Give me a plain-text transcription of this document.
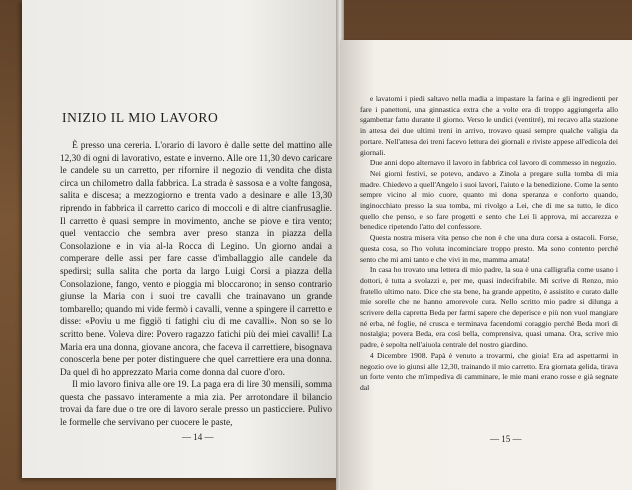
INIZIO IL MIO LAVORO

È presso una cereria. L'orario di lavoro è dalle sette del mattino alle 12,30 di ogni di lavorativo, estate e inverno. Alle ore 11,30 devo caricare le candele su un carretto, per rifornire il negozio di vendita che dista circa un chilometro dalla fabbrica. La strada è sassosa e a volte fangosa, salita e discesa; a mezzogiorno e trenta vado a desinare e alle 13,30 riprendo in fabbrica il carretto carico di moccoli e di altre cianfrusaglie. Il carretto è quasi sempre in movimento, anche se piove e tira vento; quel ventaccio che sembra aver preso stanza in piazza della Consolazione e in via al-la Rocca di Legino. Un giorno andai a comperare delle assi per fare casse d'imballaggio alle candele da spedirsi; sulla salita che porta da largo Luigi Corsi a piazza della Consolazione, fango, vento e pioggia mi bloccarono; in senso contrario giunse la Maria con i suoi tre cavalli che trainavano un grande tombarello; quando mi vide fermò i cavalli, venne a spingere il carretto e disse: «Povìu u me figgiö ti fatighi cìu di me cavalli». Non so se lo scritto bene. Voleva dire: Povero ragazzo fatichi più dei miei cavalli! La Maria era una donna, giovane ancora, che faceva il carrettiere, bisognava conoscerla bene per poter distinguere che quel carrettiere era una donna. Da quel dì ho apprezzato Maria come donna dal cuore d'oro.

Il mio lavoro finiva alle ore 19. La paga era di lire 30 mensili, somma questa che passavo interamente a mia zia. Per arrotondare il bilancio trovai da fare due o tre ore di lavoro serale presso un pasticciere. Pulivo le formelle che servivano per cuocere le paste,

— 14 —

e lavatomi i piedi saltavo nella madia a impastare la farina e gli ingredienti per fare i panettoni, una ginnastica extra che a volte era di troppo aggiungerla allo sgambettar fatto durante il giorno. Verso le undici (ventitré), mi recavo alla stazione in attesa dei due ultimi treni in arrivo, trovavo quasi sempre qualche valigia da portare. Nell'attesa dei treni facevo lettura dei giornali e riviste appese all'edicola dei giornali.

Due anni dopo alternavo il lavoro in fabbrica col lavoro di commesso in negozio.

Nei giorni festivi, se potevo, andavo a Zinola a pregare sulla tomba di mia madre. Chiedevo a quell'Angelo i suoi lavori, l'aiuto e la benedizione. Come la sento sempre vicino al mio cuore, quanto mi dona speranza e conforto quando, inginocchiato presso la sua tomba, mi rivolgo a Lei, che di me sa tutto, le dico quello che penso, e so fare progetti e sento che Lei li approva, mi accarezza e benedice ripetendo l'atto del confessore.

Questa nostra misera vita penso che non è che una dura corsa a ostacoli. Forse, questa cosa, so l'ho voluta incominciare troppo presto. Ma sono contento perché sento che mi ami tanto e che vivi in me, mamma amata!

In casa ho trovato una lettera di mio padre, la sua è una calligrafia come usano i dottori, è tutta a svolazzi e, per me, quasi indecifrabile. Mi scrive di Renzo, mio fratello ultimo nato. Dice che sta bene, ha grande appetito, è assistito e curato dalle mie sorelle che ne hanno amorevole cura. Nello scritto mio padre si dilunga a scrivere della capretta Beda per farmi sapere che deperisce e più non vuol mangiare né erba, né foglie, né crusca e terminava facendomi coraggio perché Beda morì di nostalgia; povera Beda, era così bella, comprensiva, quasi umana. Ora, scrive mio padre, è sepolta nell'aiuola centrale del nostro giardino.

4 Dicembre 1908. Papà è venuto a trovarmi, che gioia! Era ad aspettarmi in negozio ove io giunsi alle 12,30, trainando il mio carretto. Era giornata gelida, tirava un forte vento che m'impediva di camminare, le mie mani erano rosse e già segnate dal

— 15 —
